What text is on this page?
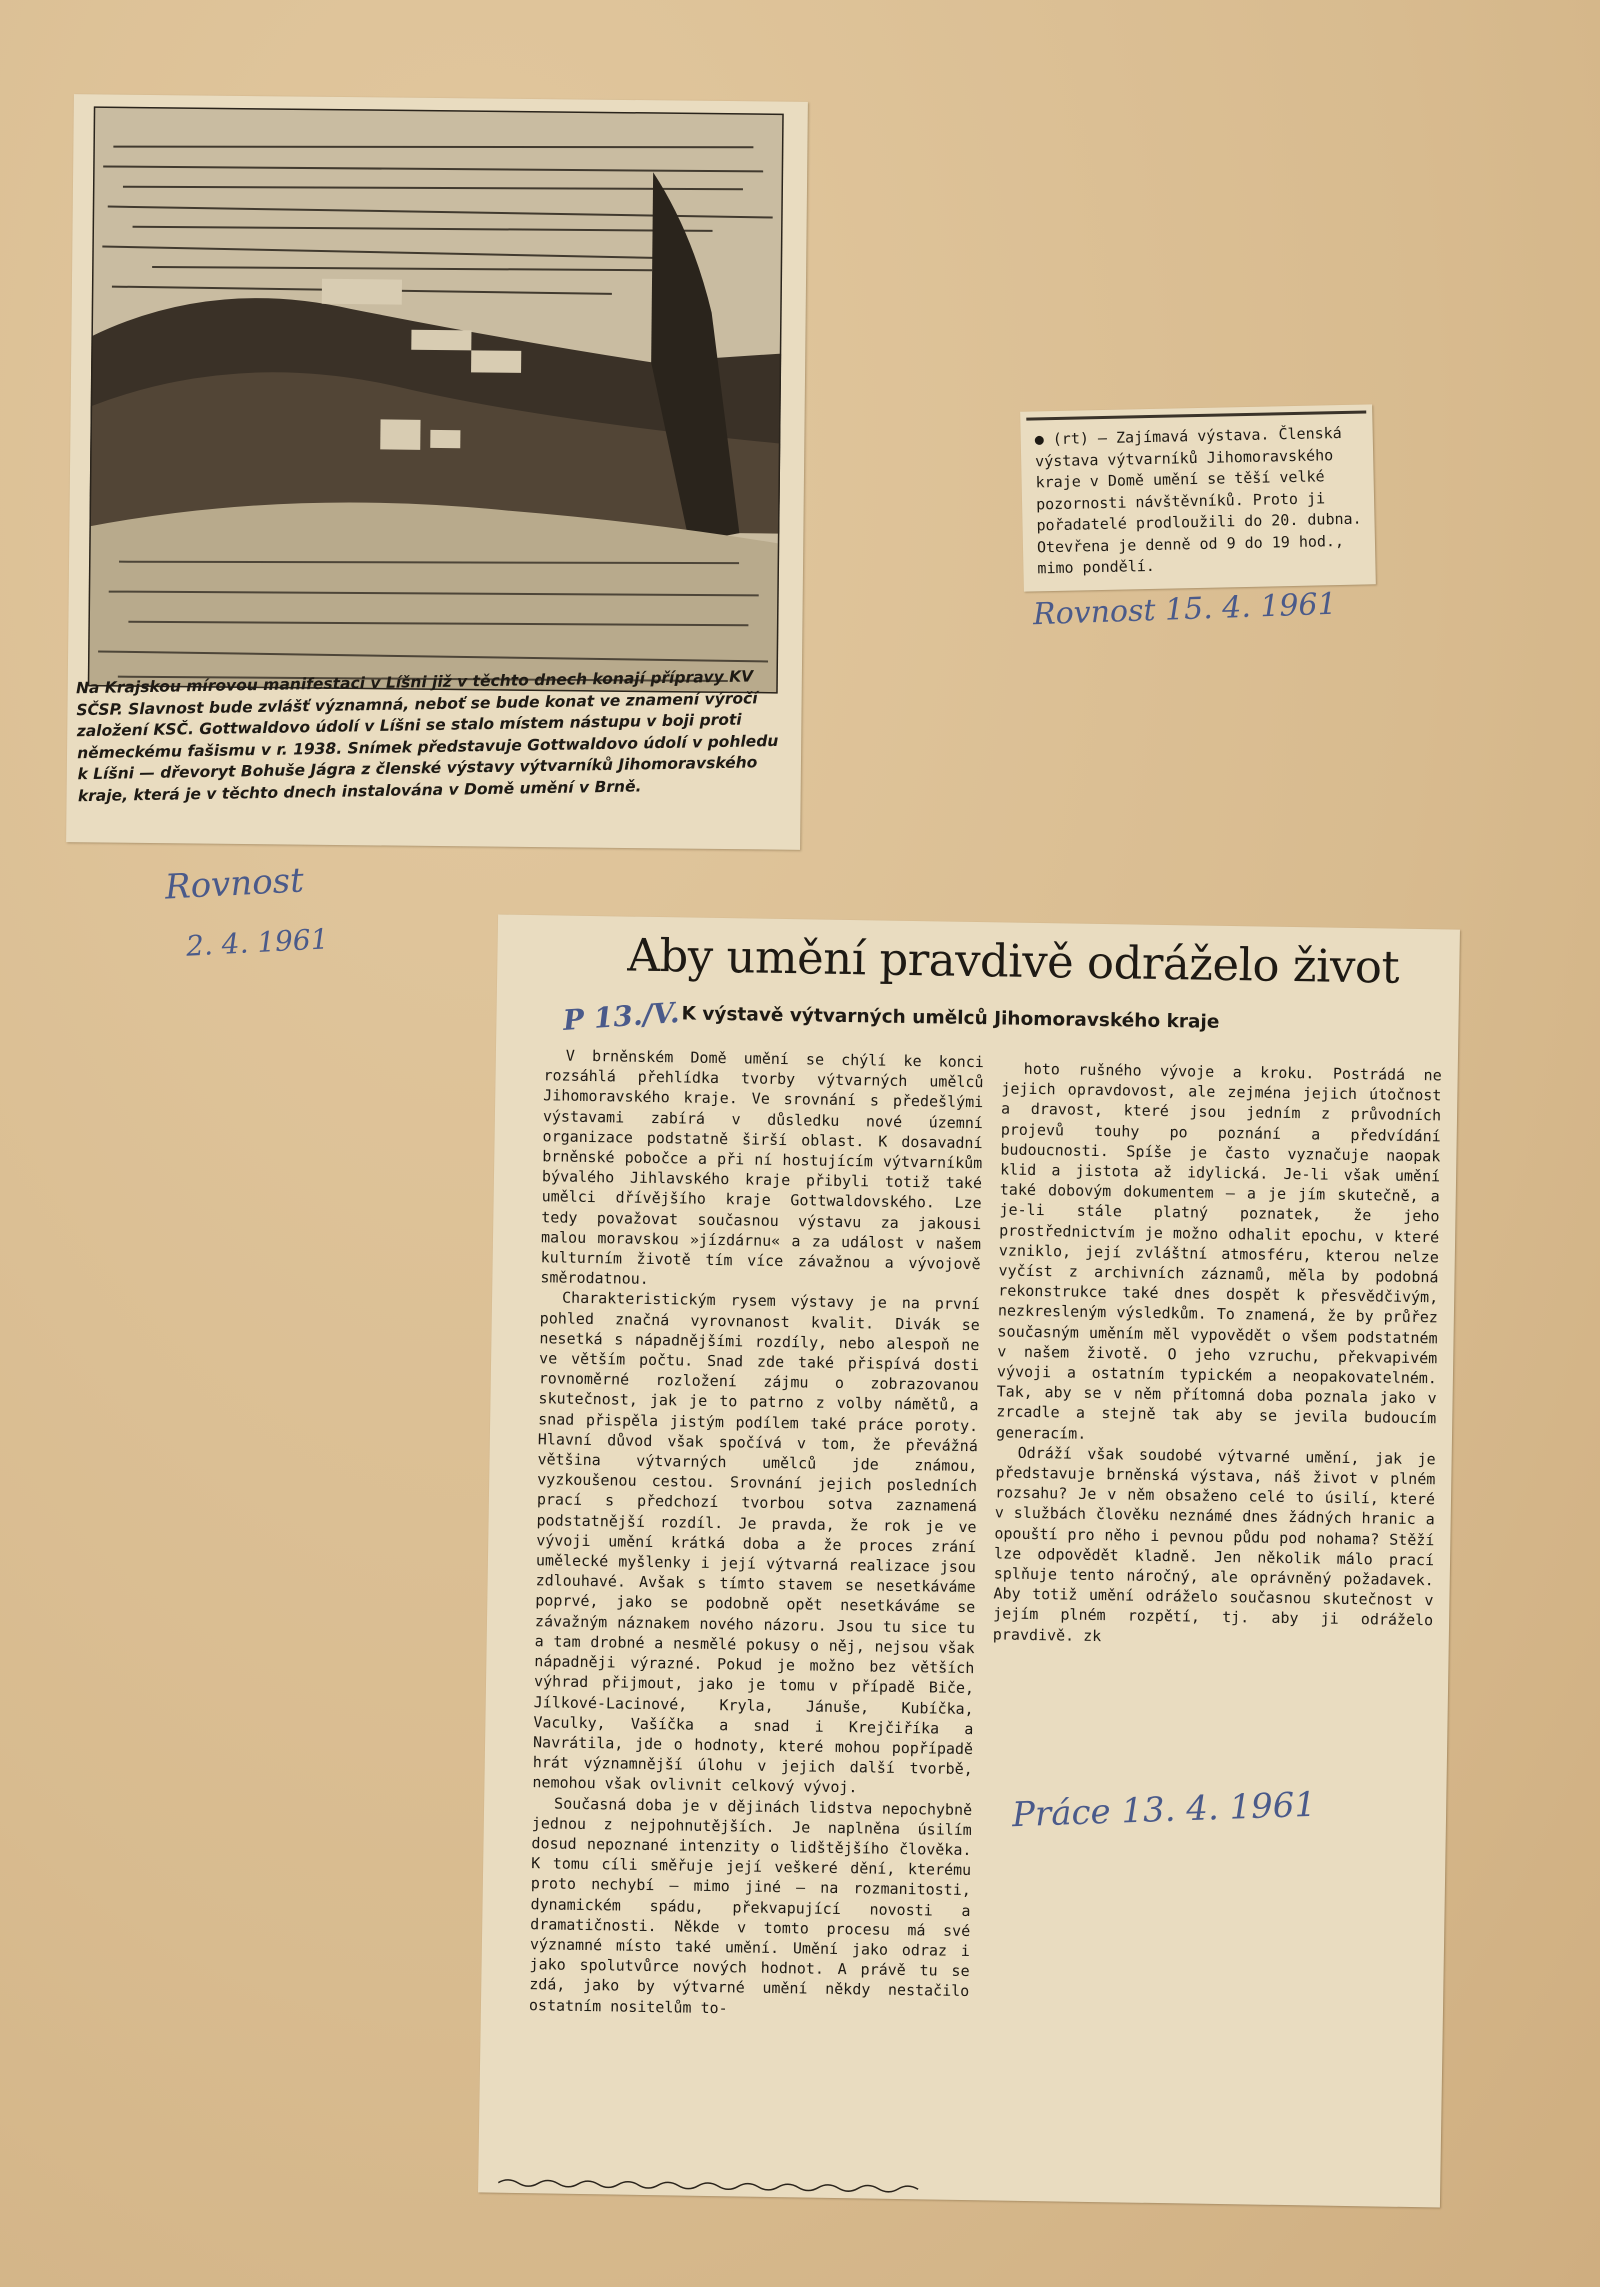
Na Krajskou mírovou manifestaci v Líšni již v těchto dnech konají přípravy KV SČSP. Slavnost bude zvlášť významná, neboť se bude konat ve znamení výročí založení KSČ. Gottwaldovo údolí v Líšni se stalo místem nástupu v boji proti německému fašismu v r. 1938. Snímek představuje Gottwaldovo údolí v pohledu k Líšni — dřevoryt Bohuše Jágra z členské výstavy výtvarníků Jihomoravského kraje, která je v těchto dnech instalována v Domě umění v Brně.

Rovnost
2. 4. 1961

● (rt) — Zajímavá výstava. Členská výstava výtvarníků Jihomoravského kraje v Domě umění se těší velké pozornosti návštěvníků. Proto ji pořadatelé prodloužili do 20. dubna. Otevřena je denně od 9 do 19 hod., mimo pondělí.

Rovnost 15. 4. 1961
Aby umění pravdivě odráželo život
K výstavě výtvarných umělců Jihomoravského kraje

V brněnském Domě umění se chýlí ke konci rozsáhlá přehlídka tvorby výtvarných umělců Jihomoravského kraje. Ve srovnání s předešlými výstavami zabírá v důsledku nové územní organizace podstatně širší oblast. K dosavadní brněnské pobočce a při ní hostujícím výtvarníkům bývalého Jihlavského kraje přibyli totiž také umělci dřívějšího kraje Gottwaldovského. Lze tedy považovat současnou výstavu za jakousi malou moravskou »jízdárnu« a za událost v našem kulturním životě tím více závažnou a vývojově směrodatnou.

Charakteristickým rysem výstavy je na první pohled značná vyrovnanost kvalit. Divák se nesetká s nápadnějšími rozdíly, nebo alespoň ne ve větším počtu. Snad zde také přispívá dosti rovnoměrné rozložení zájmu o zobrazovanou skutečnost, jak je to patrno z volby námětů, a snad přispěla jistým podílem také práce poroty. Hlavní důvod však spočívá v tom, že převážná většina výtvarných umělců jde známou, vyzkoušenou cestou. Srovnání jejich posledních prací s předchozí tvorbou sotva zaznamená podstatnější rozdíl. Je pravda, že rok je ve vývoji umění krátká doba a že proces zrání umělecké myšlenky i její výtvarná realizace jsou zdlouhavé. Avšak s tímto stavem se nesetkáváme poprvé, jako se podobně opět nesetkáváme se závažným náznakem nového názoru. Jsou tu sice tu a tam drobné a nesmělé pokusy o něj, nejsou však nápadněji výrazné. Pokud je možno bez větších výhrad přijmout, jako je tomu v případě Biče, Jílkové-Lacinové, Kryla, Jánuše, Kubíčka, Vaculky, Vašíčka a snad i Krejčiříka a Navrátila, jde o hodnoty, které mohou popřípadě hrát významnější úlohu v jejich další tvorbě, nemohou však ovlivnit celkový vývoj.

Současná doba je v dějinách lidstva nepochybně jednou z nejpohnutějších. Je naplněna úsilím dosud nepoznané intenzity o lidštějšího člověka. K tomu cíli směřuje její veškeré dění, kterému proto nechybí — mimo jiné — na rozmanitosti, dynamickém spádu, překvapující novosti a dramatičnosti. Někde v tomto procesu má své významné místo také umění. Umění jako odraz i jako spolutvůrce nových hodnot. A právě tu se zdá, jako by výtvarné umění někdy nestačilo ostatním nositelům to-

hoto rušného vývoje a kroku. Postrádá ne jejich opravdovost, ale zejména jejich útočnost a dravost, které jsou jedním z průvodních projevů touhy po poznání a předvídání budoucnosti. Spíše je často vyznačuje naopak klid a jistota až idylická. Je-li však umění také dobovým dokumentem — a je jím skutečně, a je-li stále platný poznatek, že jeho prostřednictvím je možno odhalit epochu, v které vzniklo, její zvláštní atmosféru, kterou nelze vyčíst z archivních záznamů, měla by podobná rekonstrukce také dnes dospět k přesvědčivým, nezkresleným výsledkům. To znamená, že by průřez současným uměním měl vypovědět o všem podstatném v našem životě. O jeho vzruchu, překvapivém vývoji a ostatním typickém a neopakovatelném. Tak, aby se v něm přítomná doba poznala jako v zrcadle a stejně tak aby se jevila budoucím generacím.

Odráží však soudobé výtvarné umění, jak je představuje brněnská výstava, náš život v plném rozsahu? Je v něm obsaženo celé to úsilí, které v službách člověku neznámé dnes žádných hranic a opouští pro něho i pevnou půdu pod nohama? Stěží lze odpovědět kladně. Jen několik málo prací splňuje tento náročný, ale oprávněný požadavek. Aby totiž umění odráželo současnou skutečnost v jejím plném rozpětí, tj. aby ji odráželo pravdivě. zk

P 13./V.
Práce 13. 4. 1961
